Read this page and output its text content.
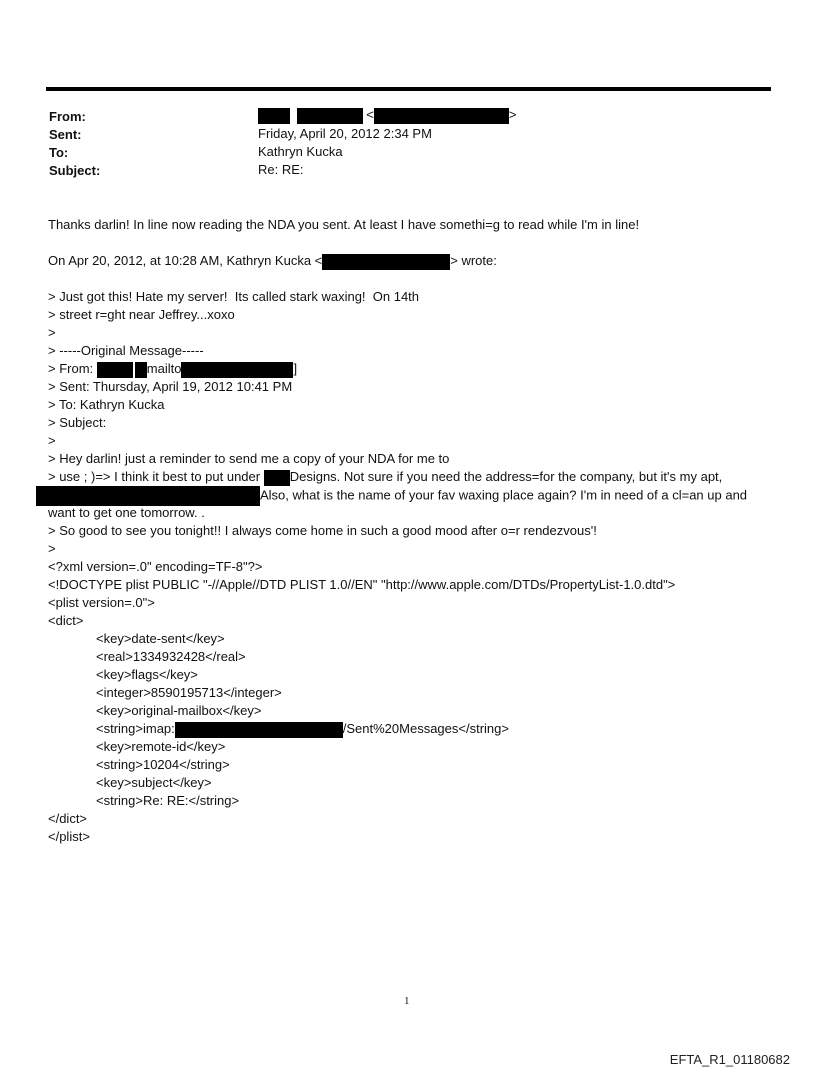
From:	<	>
Sent:	Friday, April 20, 2012 2:34 PM
To:	Kathryn Kucka
Subject:	Re: RE:
Thanks darlin! In line now reading the NDA you sent. At least I have somethi=g to read while I'm in line!
On Apr 20, 2012, at 10:28 AM, Kathryn Kucka <	> wrote:
> Just got this! Hate my server!  Its called stark waxing!  On 14th
> street r=ght near Jeffrey...xoxo
>
> -----Original Message-----
> From:	mailto	]
> Sent: Thursday, April 19, 2012 10:41 PM
> To: Kathryn Kucka
> Subject:
>
> Hey darlin! just a reminder to send me a copy of your NDA for me to
> use ; )=> I think it best to put under Designs. Not sure if you need the address=for the company, but it's my apt,
Also, what is the name of your fav waxing place again? I'm in need of a cl=an up and
want to get one tomorrow. .
> So good to see you tonight!! I always come home in such a good mood after o=r rendezvous'!
>
<?xml version=.0" encoding=TF-8"?>
<!DOCTYPE plist PUBLIC "-//Apple//DTD PLIST 1.0//EN" "http://www.apple.com/DTDs/PropertyList-1.0.dtd">
<plist version=.0">
<dict>
<key>date-sent</key>
<real>1334932428</real>
<key>flags</key>
<integer>8590195713</integer>
<key>original-mailbox</key>
<string>imap:	/Sent%20Messages</string>
<key>remote-id</key>
<string>10204</string>
<key>subject</key>
<string>Re: RE:</string>
</dict>
</plist>
1
EFTA_R1_01180682
